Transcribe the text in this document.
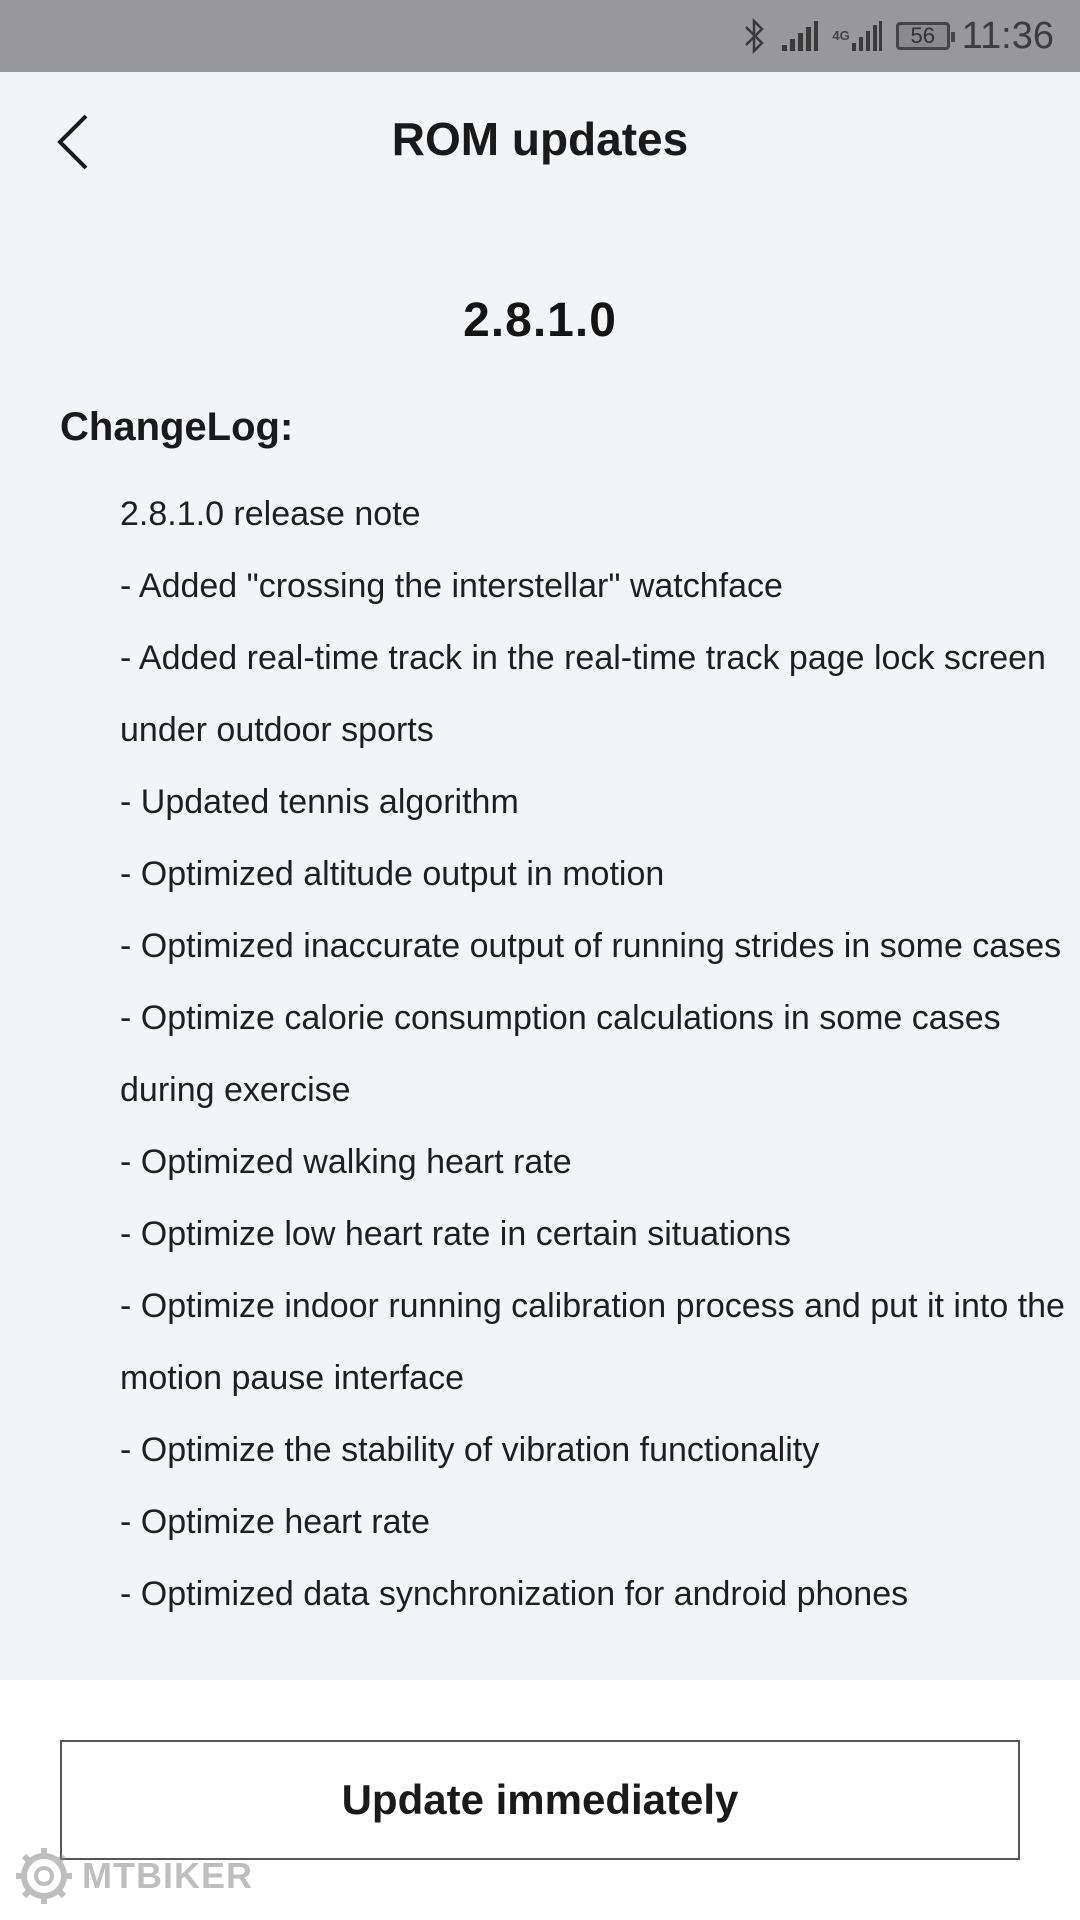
4G	56 11:36
ROM updates
2.8.1.0
ChangeLog:
2.8.1.0 release note
- Added "crossing the interstellar" watchface
- Added real-time track in the real-time track page lock screen under outdoor sports
- Updated tennis algorithm
- Optimized altitude output in motion
- Optimized inaccurate output of running strides in some cases
- Optimize calorie consumption calculations in some cases during exercise
- Optimized walking heart rate
- Optimize low heart rate in certain situations
- Optimize indoor running calibration process and put it into the motion pause interface
- Optimize the stability of vibration functionality
- Optimize heart rate
- Optimized data synchronization for android phones
Update immediately
MTBIKER
